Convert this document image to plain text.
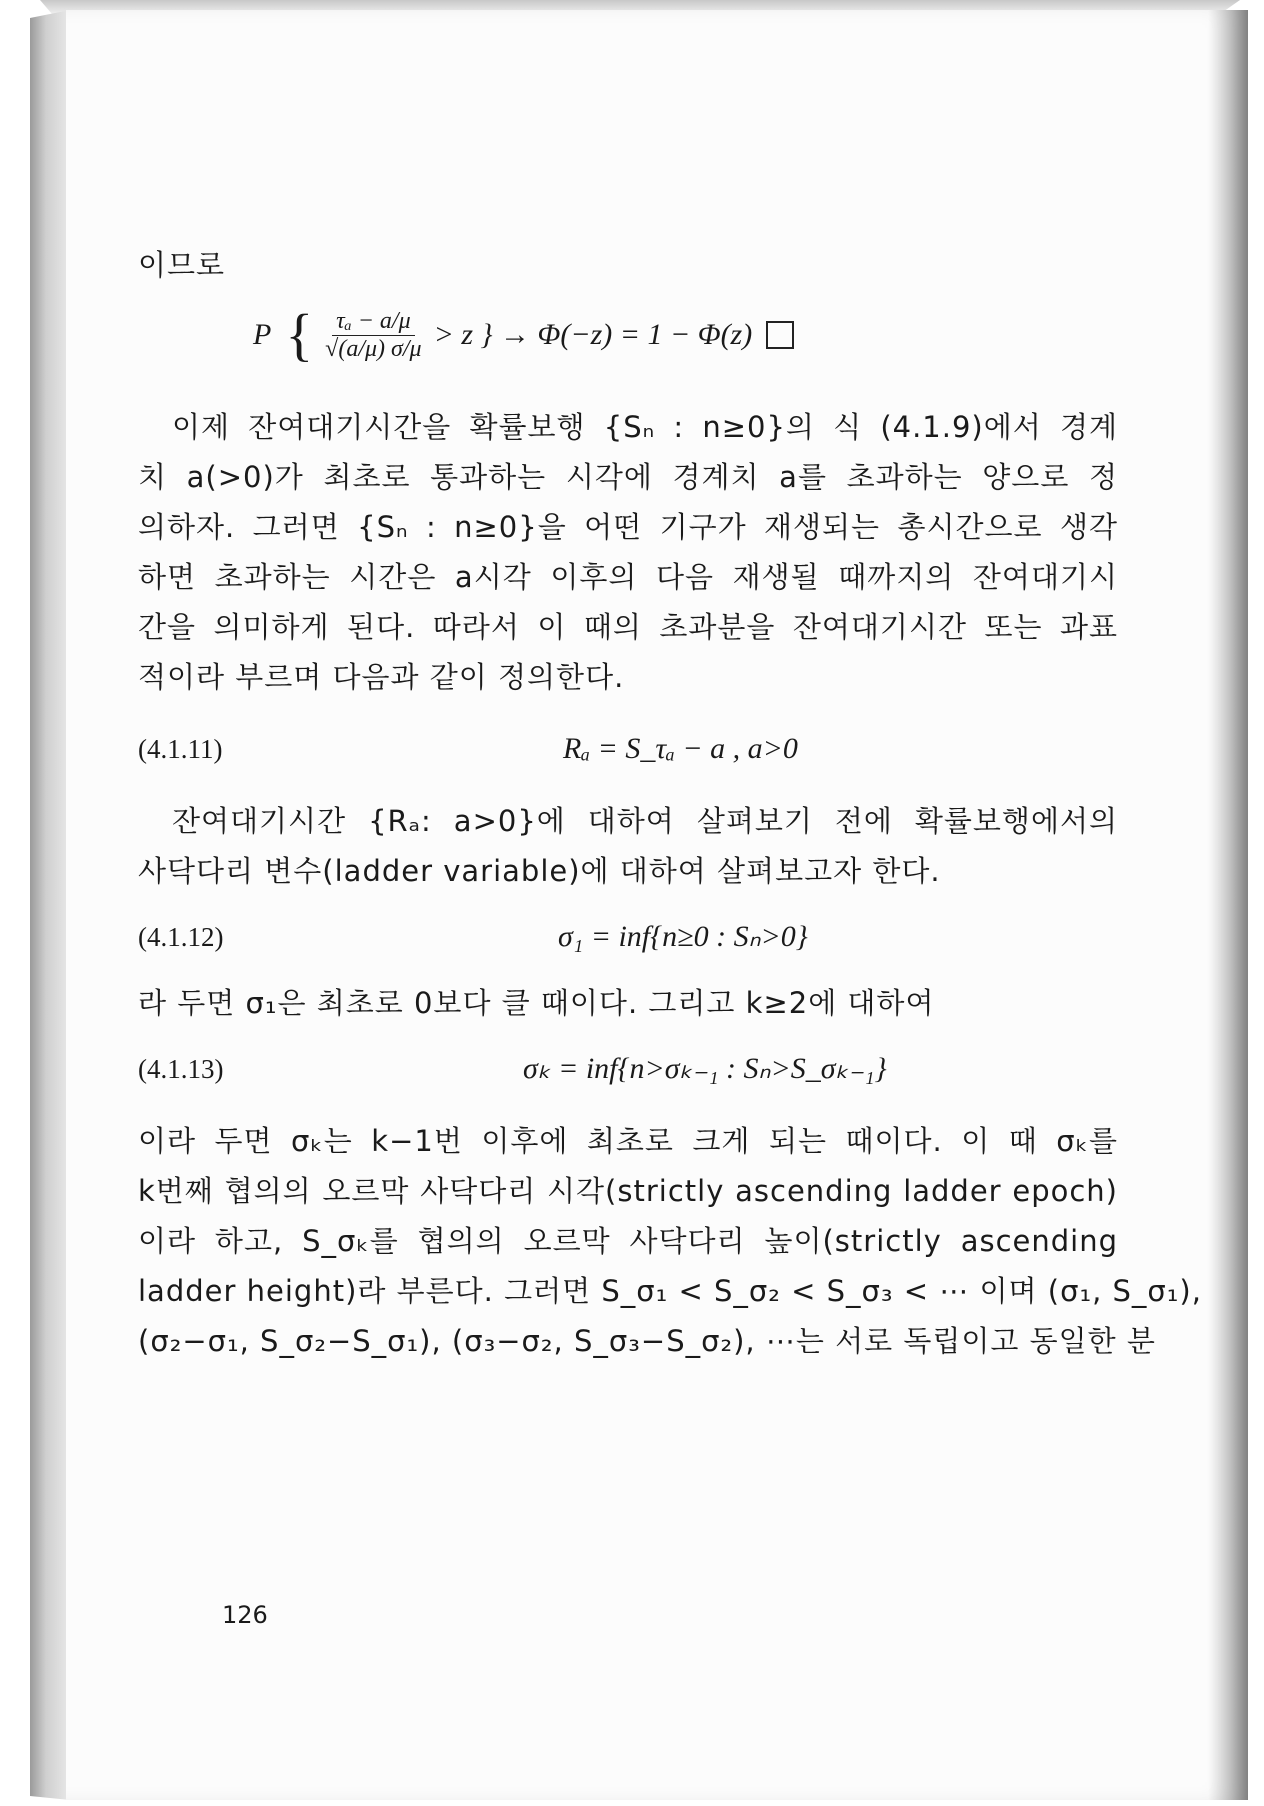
이므로
P { $\frac{\text{τₐ − a/μ}}{√(a/\mu) \sigma/\mu} > z$ } → Φ(−z) = 1 − Φ(z)
이제 잔여대기시간을 확률보행 {Sₙ : n≥0}의 식 (4.1.9)에서 경계
치 a(>0)가 최초로 통과하는 시각에 경계치 a를 초과하는 양으로 정
의하자. 그러면 {Sₙ : n≥0}을 어떤 기구가 재생되는 총시간으로 생각
하면 초과하는 시간은 a시각 이후의 다음 재생될 때까지의 잔여대기시
간을 의미하게 된다. 따라서 이 때의 초과분을 잔여대기시간 또는 과표
적이라 부르며 다음과 같이 정의한다.
(4.1.11)	Rₐ = S_τₐ − a , a>0
잔여대기시간 {Rₐ: a>0}에 대하여 살펴보기 전에 확률보행에서의
사닥다리 변수(ladder variable)에 대하여 살펴보고자 한다.
(4.1.12)	σ₁ = inf{n≥0 : Sₙ>0}
라 두면 σ₁은 최초로 0보다 클 때이다. 그리고 k≥2에 대하여
(4.1.13)	σₖ = inf{n>σₖ₋₁ : Sₙ>S_σₖ₋₁}
이라 두면 σₖ는 k−1번 이후에 최초로 크게 되는 때이다. 이 때 σₖ를
k번째 협의의 오르막 사닥다리 시각(strictly ascending ladder epoch)
이라 하고, S_σₖ를 협의의 오르막 사닥다리 높이(strictly ascending
ladder height)라 부른다. 그러면 S_σ₁ < S_σ₂ < S_σ₃ < ⋯ 이며 (σ₁, S_σ₁),
(σ₂−σ₁, S_σ₂−S_σ₁), (σ₃−σ₂, S_σ₃−S_σ₂), ⋯는 서로 독립이고 동일한 분
126
